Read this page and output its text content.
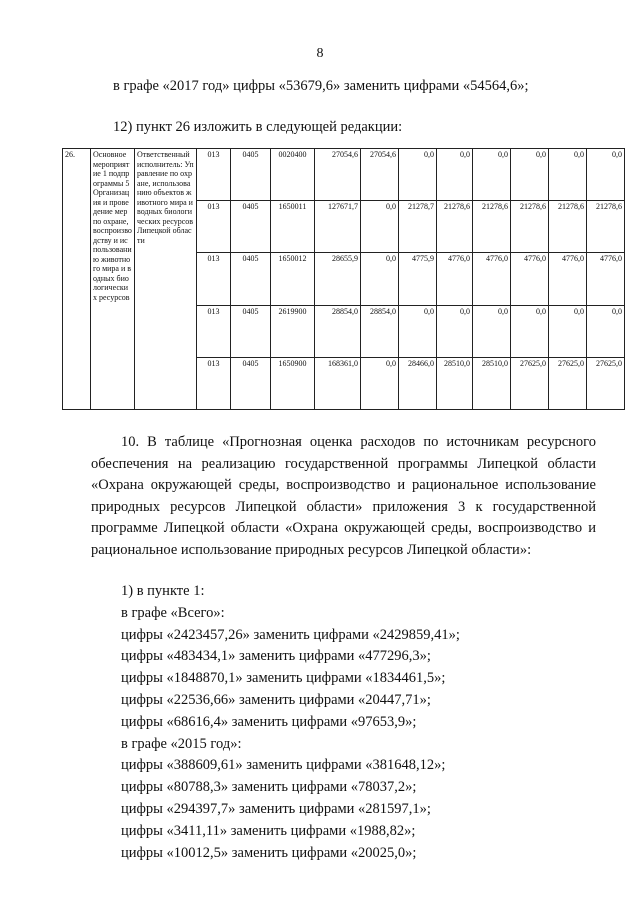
8
в графе «2017 год» цифры «53679,6» заменить цифрами «54564,6»;
12) пункт 26 изложить в следующей редакции:
26.	Основное мероприятие 1 подпрограммы 5 Организация и проведение мер по охране, воспроизводству и использованию животного мира и водных биологических ресурсов	Ответственный исполнитель: Управление по охране, использованию объектов животного мира и водных биологических ресурсов Липецкой области	013	0405	0020400	27054,6	27054,6	0,0	0,0	0,0	0,0	0,0	0,0
			013	0405	1650011	127671,7	0,0	21278,7	21278,6	21278,6	21278,6	21278,6	21278,6
			013	0405	1650012	28655,9	0,0	4775,9	4776,0	4776,0	4776,0	4776,0	4776,0
			013	0405	2619900	28854,0	28854,0	0,0	0,0	0,0	0,0	0,0	0,0
			013	0405	1650900	168361,0	0,0	28466,0	28510,0	28510,0	27625,0	27625,0	27625,0
10. В таблице «Прогнозная оценка расходов по источникам ресурсного обеспечения на реализацию государственной программы Липецкой области «Охрана окружающей среды, воспроизводство и рациональное использование природных ресурсов Липецкой области» приложения 3 к государственной программе Липецкой области «Охрана окружающей среды, воспроизводство и рациональное использование природных ресурсов Липецкой области»:
1) в пункте 1:
в графе «Всего»:
цифры «2423457,26» заменить цифрами «2429859,41»;
цифры «483434,1» заменить цифрами «477296,3»;
цифры «1848870,1» заменить цифрами «1834461,5»;
цифры «22536,66» заменить цифрами «20447,71»;
цифры «68616,4» заменить цифрами «97653,9»;
в графе «2015 год»:
цифры «388609,61» заменить цифрами «381648,12»;
цифры «80788,3» заменить цифрами «78037,2»;
цифры «294397,7» заменить цифрами «281597,1»;
цифры «3411,11» заменить цифрами «1988,82»;
цифры «10012,5» заменить цифрами «20025,0»;
